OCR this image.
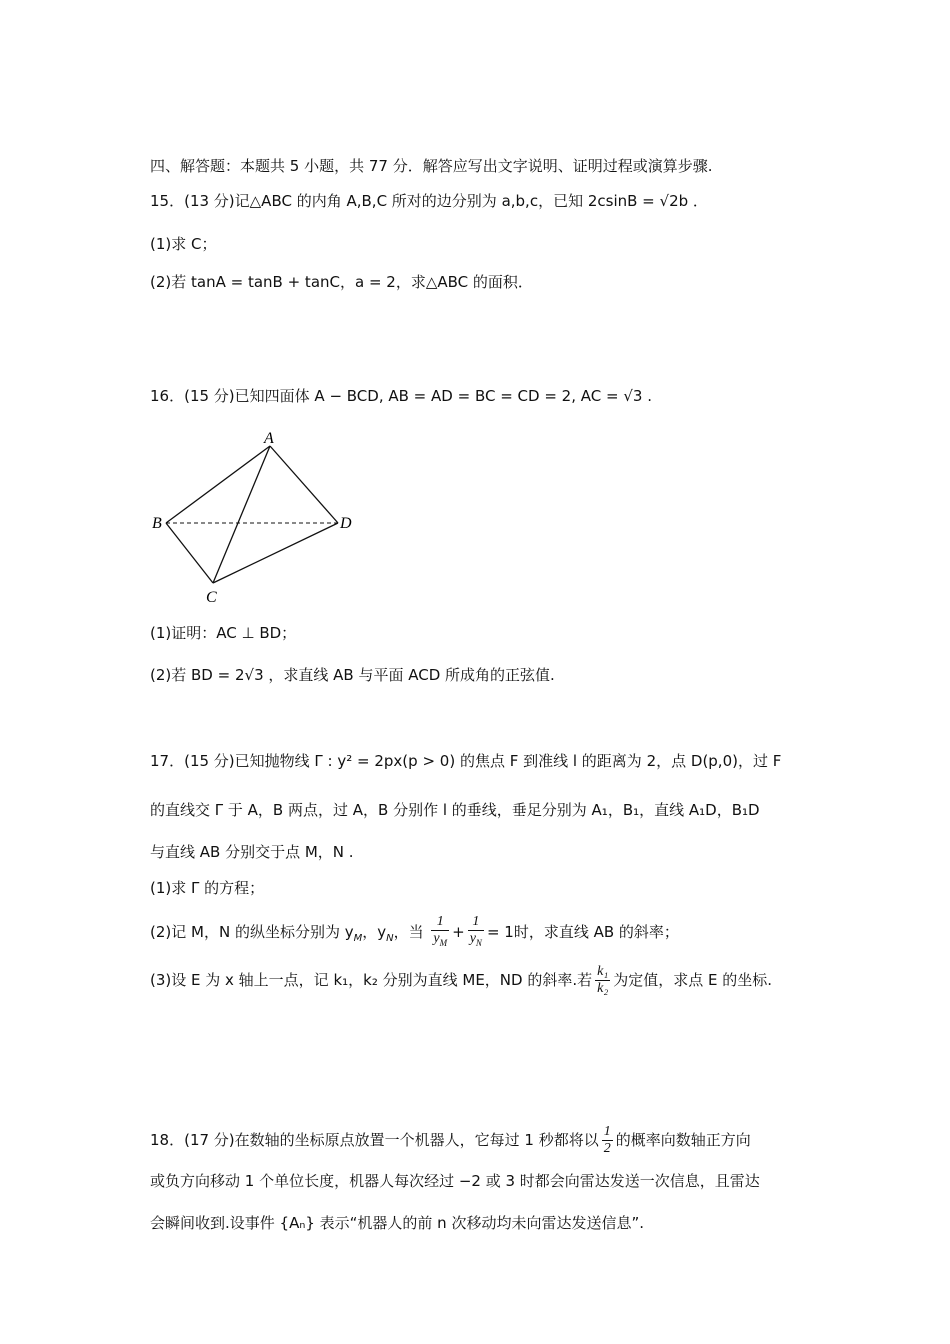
四、解答题：本题共 5 小题，共 77 分．解答应写出文字说明、证明过程或演算步骤.
15．(13 分)记△ABC 的内角 A,B,C 所对的边分别为 a,b,c，已知 2csinB = √2b ．
(1)求 C；
(2)若 tanA = tanB + tanC，a = 2，求△ABC 的面积．
16．(15 分)已知四面体 A − BCD, AB = AD = BC = CD = 2, AC = √3 .
A
B
C
D
(1)证明：AC ⊥ BD；
(2)若 BD = 2√3 ，求直线 AB 与平面 ACD 所成角的正弦值.
17．(15 分)已知抛物线 Γ : y² = 2px(p > 0) 的焦点 F 到准线 l 的距离为 2，点 D(p,0)，过 F
的直线交 Γ 于 A，B 两点，过 A，B 分别作 l 的垂线，垂足分别为 A₁，B₁，直线 A₁D，B₁D
与直线 AB 分别交于点 M，N .
(1)求 Γ 的方程；
(2)记 M，N 的纵坐标分别为 $y_M$，$y_N$，当 $\frac{1}{y_M} + \frac{1}{y_N} = 1$时，求直线 AB 的斜率；
(3)设 E 为 x 轴上一点，记 k₁，k₂ 分别为直线 ME，ND 的斜率.若 $\frac{\text{k₁}}{\text{k₂}}$ 为定值，求点 E 的坐标.
18．(17 分)在数轴的坐标原点放置一个机器人，它每过 1 秒都将以 $\frac{1}{2}$ 的概率向数轴正方向
或负方向移动 1 个单位长度，机器人每次经过 −2 或 3 时都会向雷达发送一次信息，且雷达
会瞬间收到.设事件 {Aₙ} 表示“机器人的前 n 次移动均未向雷达发送信息”.
